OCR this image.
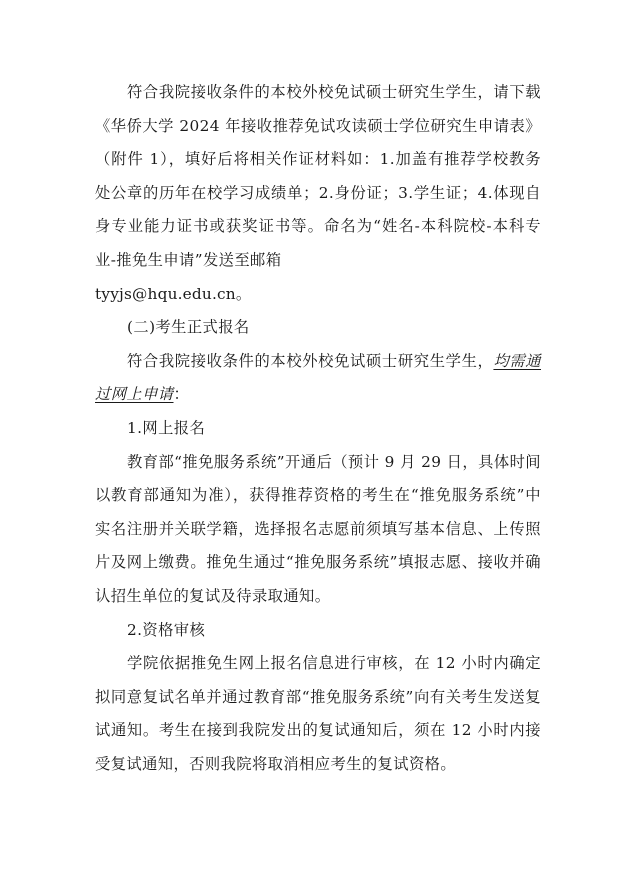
符合我院接收条件的本校外校免试硕士研究生学生，请下载《华侨大学 2024 年接收推荐免试攻读硕士学位研究生申请表》（附件 1），填好后将相关作证材料如：1.加盖有推荐学校教务处公章的历年在校学习成绩单；2.身份证；3.学生证；4.体现自身专业能力证书或获奖证书等。命名为“姓名-本科院校-本科专业-推免生申请”发送至邮箱

tyyjs@hqu.edu.cn。

(二)考生正式报名

符合我院接收条件的本校外校免试硕士研究生学生，均需通过网上申请：

1.网上报名

教育部“推免服务系统”开通后（预计 9 月 29 日，具体时间以教育部通知为准），获得推荐资格的考生在“推免服务系统”中实名注册并关联学籍，选择报名志愿前须填写基本信息、上传照片及网上缴费。推免生通过“推免服务系统”填报志愿、接收并确认招生单位的复试及待录取通知。

2.资格审核

学院依据推免生网上报名信息进行审核，在 12 小时内确定拟同意复试名单并通过教育部“推免服务系统”向有关考生发送复试通知。考生在接到我院发出的复试通知后，须在 12 小时内接受复试通知，否则我院将取消相应考生的复试资格。
